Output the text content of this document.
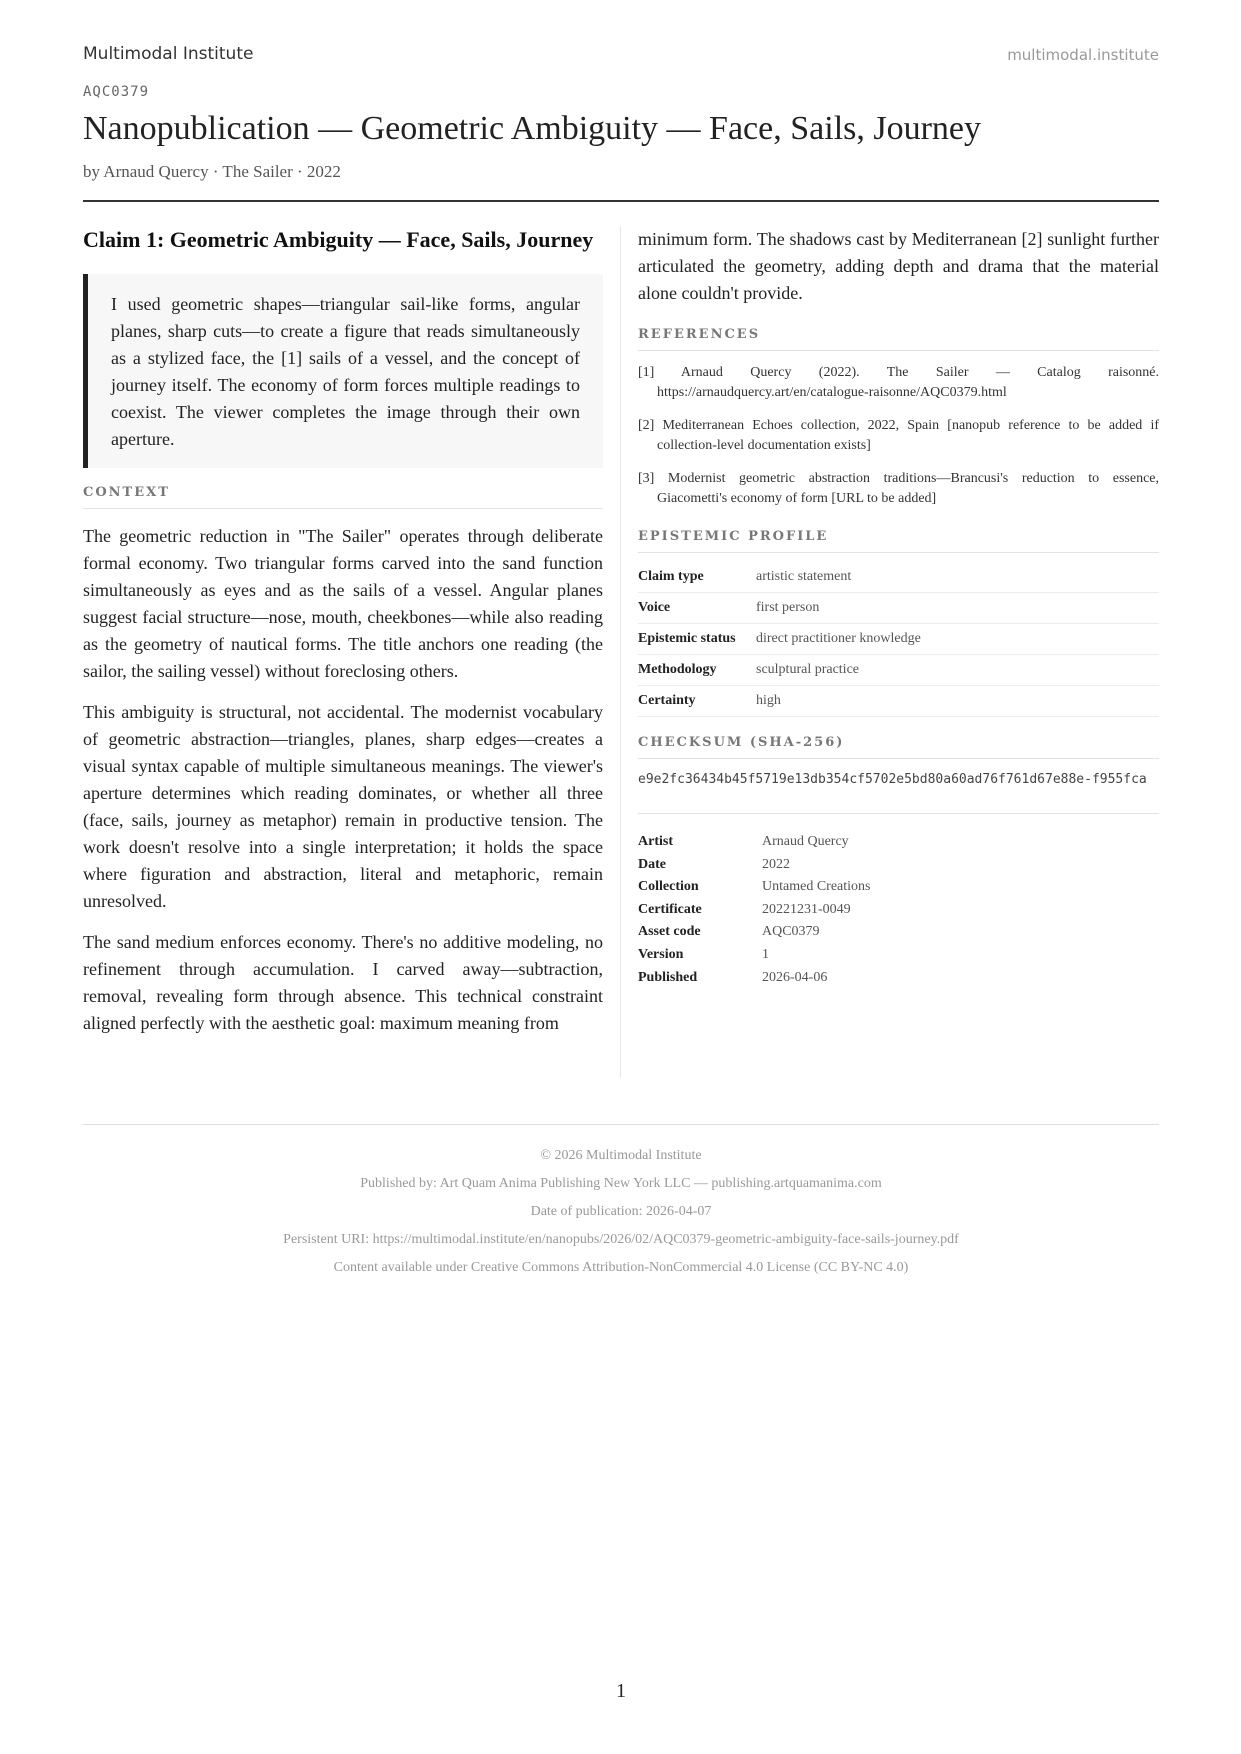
Multimodal Institute	multimodal.institute
AQC0379
Nanopublication — Geometric Ambiguity — Face, Sails, Journey
by Arnaud Quercy · The Sailer · 2022
Claim 1: Geometric Ambiguity — Face, Sails, Journey
I used geometric shapes—triangular sail-like forms, angular planes, sharp cuts—to create a figure that reads simultaneously as a stylized face, the [1] sails of a vessel, and the concept of journey itself. The economy of form forces multiple readings to coexist. The viewer completes the image through their own aperture.
CONTEXT

The geometric reduction in "The Sailer" operates through deliberate formal economy. Two triangular forms carved into the sand function simultaneously as eyes and as the sails of a vessel. Angular planes suggest facial structure—nose, mouth, cheekbones—while also reading as the geometry of nautical forms. The title anchors one reading (the sailor, the sailing vessel) without foreclosing others.

This ambiguity is structural, not accidental. The modernist vocabulary of geometric abstraction—triangles, planes, sharp edges—creates a visual syntax capable of multiple simultaneous meanings. The viewer's aperture determines which reading dominates, or whether all three (face, sails, journey as metaphor) remain in productive tension. The work doesn't resolve into a single interpretation; it holds the space where figuration and abstraction, literal and metaphoric, remain unresolved.

The sand medium enforces economy. There's no additive modeling, no refinement through accumulation. I carved away—subtraction, removal, revealing form through absence. This technical constraint aligned perfectly with the aesthetic goal: maximum meaning from

minimum form. The shadows cast by Mediterranean [2] sunlight further articulated the geometry, adding depth and drama that the material alone couldn't provide.

REFERENCES
[1] Arnaud Quercy (2022). The Sailer — Catalog raisonné. https://arnaudquercy.art/en/catalogue-raisonne/AQC0379.html
[2] Mediterranean Echoes collection, 2022, Spain [nanopub reference to be added if collection-level documentation exists]
[3] Modernist geometric abstraction traditions—Brancusi's reduction to essence, Giacometti's economy of form [URL to be added]
EPISTEMIC PROFILE
Claim type	artistic statement
Voice	first person
Epistemic status	direct practitioner knowledge
Methodology	sculptural practice
Certainty	high
CHECKSUM (SHA-256)
e9e2fc36434b45f5719e13db354cf5702e5bd80a60ad76f761d67e88e-f955fca
Artist	Arnaud Quercy
Date	2022
Collection	Untamed Creations
Certificate	20221231-0049
Asset code	AQC0379
Version	1
Published	2026-04-06
© 2026 Multimodal Institute
Published by: Art Quam Anima Publishing New York LLC — publishing.artquamanima.com
Date of publication: 2026-04-07
Persistent URI: https://multimodal.institute/en/nanopubs/2026/02/AQC0379-geometric-ambiguity-face-sails-journey.pdf
Content available under Creative Commons Attribution-NonCommercial 4.0 License (CC BY-NC 4.0)
1
